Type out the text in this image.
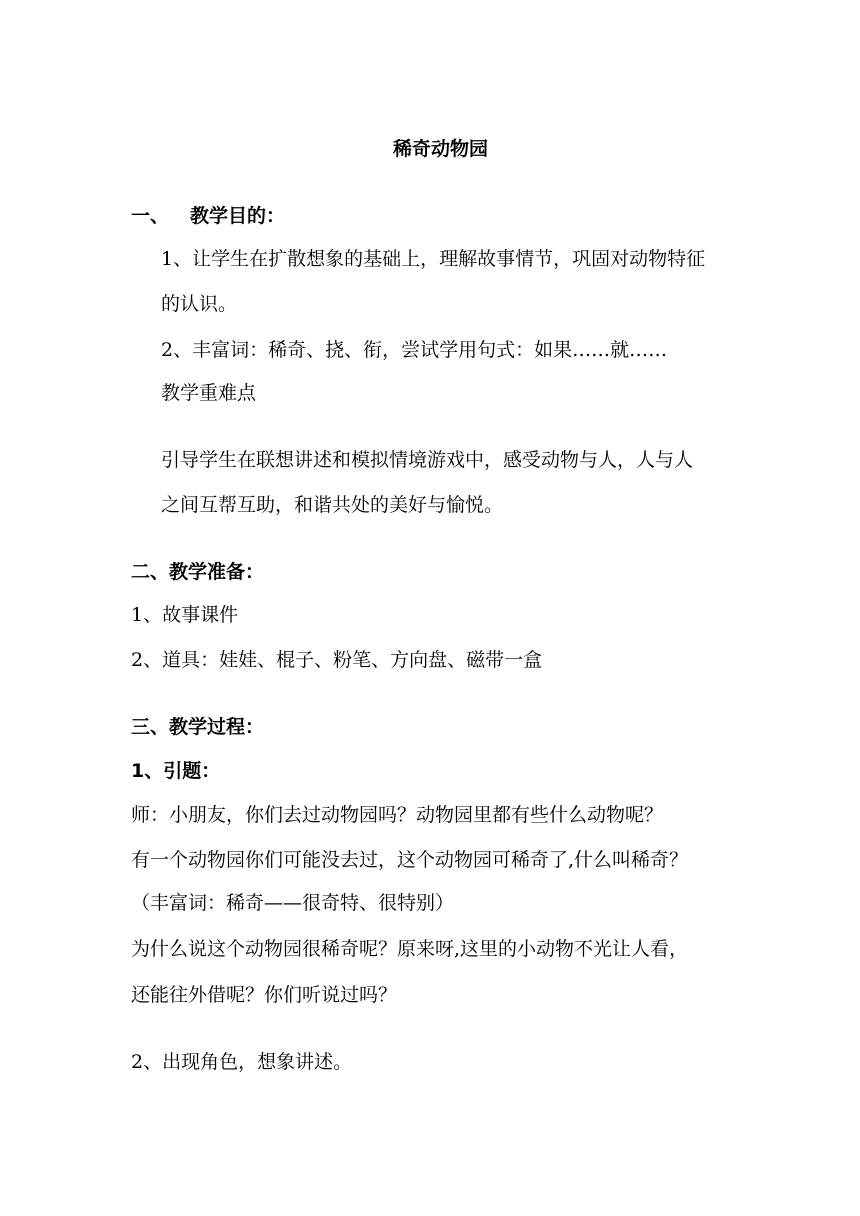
稀奇动物园
一、 教学目的：
1、让学生在扩散想象的基础上，理解故事情节，巩固对动物特征
的认识。
2、丰富词：稀奇、挠、衔，尝试学用句式：如果……就……
教学重难点
引导学生在联想讲述和模拟情境游戏中，感受动物与人，人与人
之间互帮互助，和谐共处的美好与愉悦。
二、教学准备：
1、故事课件
2、道具：娃娃、棍子、粉笔、方向盘、磁带一盒
三、教学过程：
1、引题：
师：小朋友，你们去过动物园吗？动物园里都有些什么动物呢？
有一个动物园你们可能没去过，这个动物园可稀奇了,什么叫稀奇？
（丰富词：稀奇——很奇特、很特别）
为什么说这个动物园很稀奇呢？原来呀,这里的小动物不光让人看，
还能往外借呢？你们听说过吗？
2、出现角色，想象讲述。
